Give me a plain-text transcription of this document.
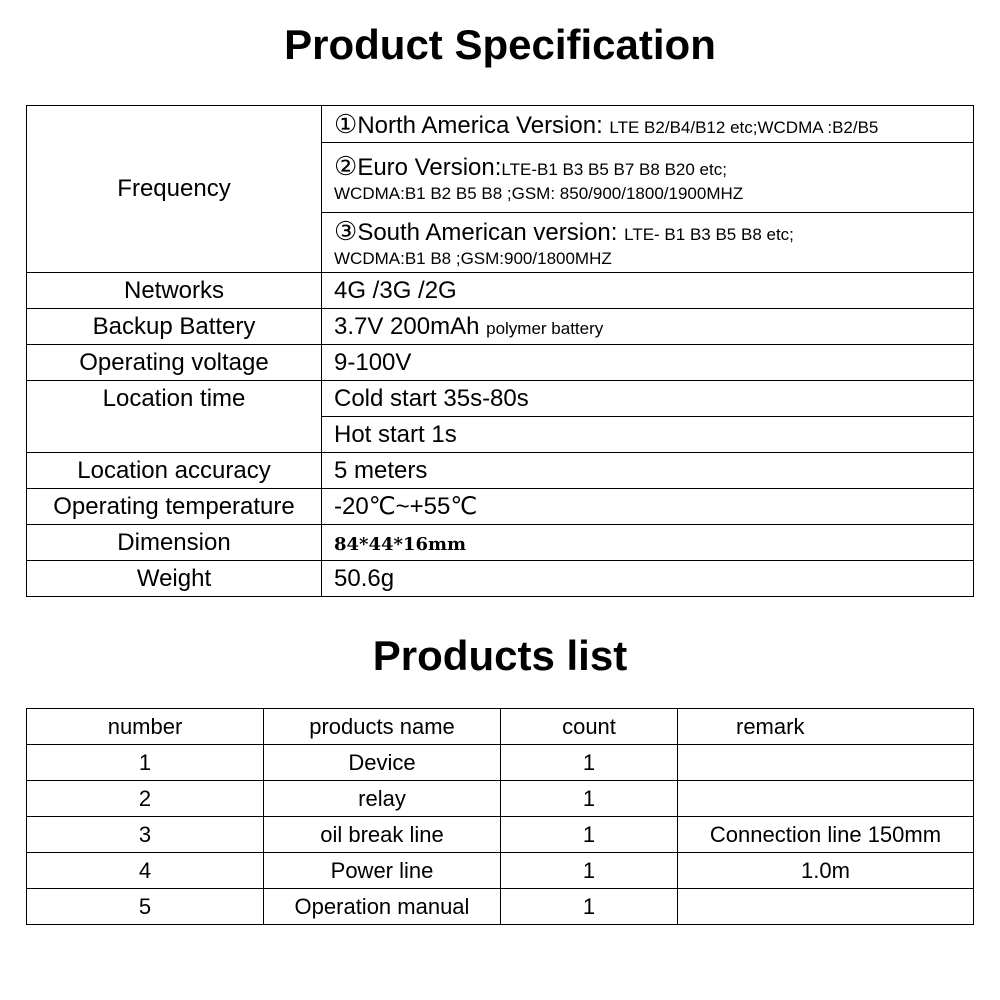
Product Specification
Frequency	①North America Version: LTE B2/B4/B12 etc;WCDMA :B2/B5

	②Euro Version:LTE-B1 B3 B5 B7 B8 B20 etc;
WCDMA:B1 B2 B5 B8 ;GSM: 850/900/1800/1900MHZ

	③South American version: LTE- B1 B3 B5 B8 etc;
WCDMA:B1 B8 ;GSM:900/1800MHZ

Networks	4G /3G /2G
Backup Battery	3.7V 200mAh polymer battery
Operating voltage	9-100V
Location time	Cold start 35s-80s
	Hot start 1s
Location accuracy	5 meters
Operating temperature	-20℃~+55℃
Dimension	84*44*16mm
Weight	50.6g
Products list
number	products name	count	remark
1	Device	1	
2	relay	1	
3	oil break line	1	Connection line 150mm
4	Power line	1	1.0m
5	Operation manual	1	
